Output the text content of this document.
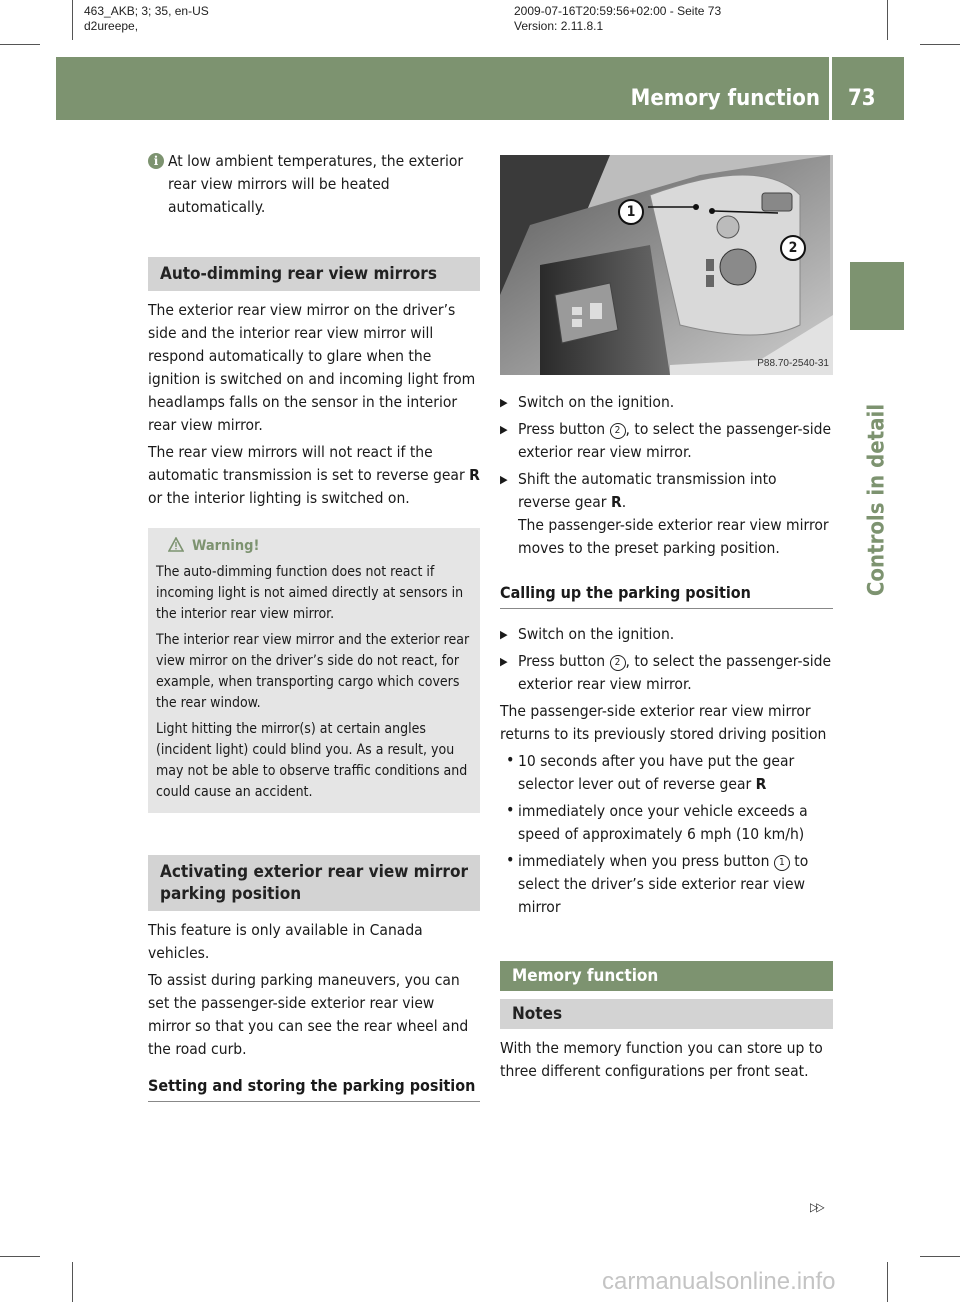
463_AKB; 3; 35, en-US
d2ureepe,
2009-07-16T20:59:56+02:00 - Seite 73
Version: 2.11.8.1
Memory function 73
Controls in detail
i At low ambient temperatures, the exterior rear view mirrors will be heated automatically.

Auto-dimming rear view mirrors

The exterior rear view mirror on the driver’s side and the interior rear view mirror will respond automatically to glare when the ignition is switched on and incoming light from headlamps falls on the sensor in the interior rear view mirror.

The rear view mirrors will not react if the automatic transmission is set to reverse gear R or the interior lighting is switched on.

Warning!

The auto-dimming function does not react if incoming light is not aimed directly at sensors in the interior rear view mirror.

The interior rear view mirror and the exterior rear view mirror on the driver’s side do not react, for example, when transporting cargo which covers the rear window.

Light hitting the mirror(s) at certain angles (incident light) could blind you. As a result, you may not be able to observe traffic conditions and could cause an accident.

Activating exterior rear view mirror parking position

This feature is only available in Canada vehicles.

To assist during parking maneuvers, you can set the passenger-side exterior rear view mirror so that you can see the rear wheel and the road curb.

Setting and storing the parking position
1
2
P88.70-2540-31
▶ Switch on the ignition.

▶ Press button 2 , to select the passenger-side exterior rear view mirror.

▶ Shift the automatic transmission into reverse gear R.

The passenger-side exterior rear view mirror moves to the preset parking position.

Calling up the parking position
▶ Switch on the ignition.

▶ Press button 2 , to select the passenger-side exterior rear view mirror.

The passenger-side exterior rear view mirror returns to its previously stored driving position

• 10 seconds after you have put the gear selector lever out of reverse gear R

• immediately once your vehicle exceeds a speed of approximately 6 mph (10 km/h)

• immediately when you press button 1 to select the driver’s side exterior rear view mirror

Memory function
Notes

With the memory function you can store up to three different configurations per front seat.

▷▷
carmanualsonline.info
